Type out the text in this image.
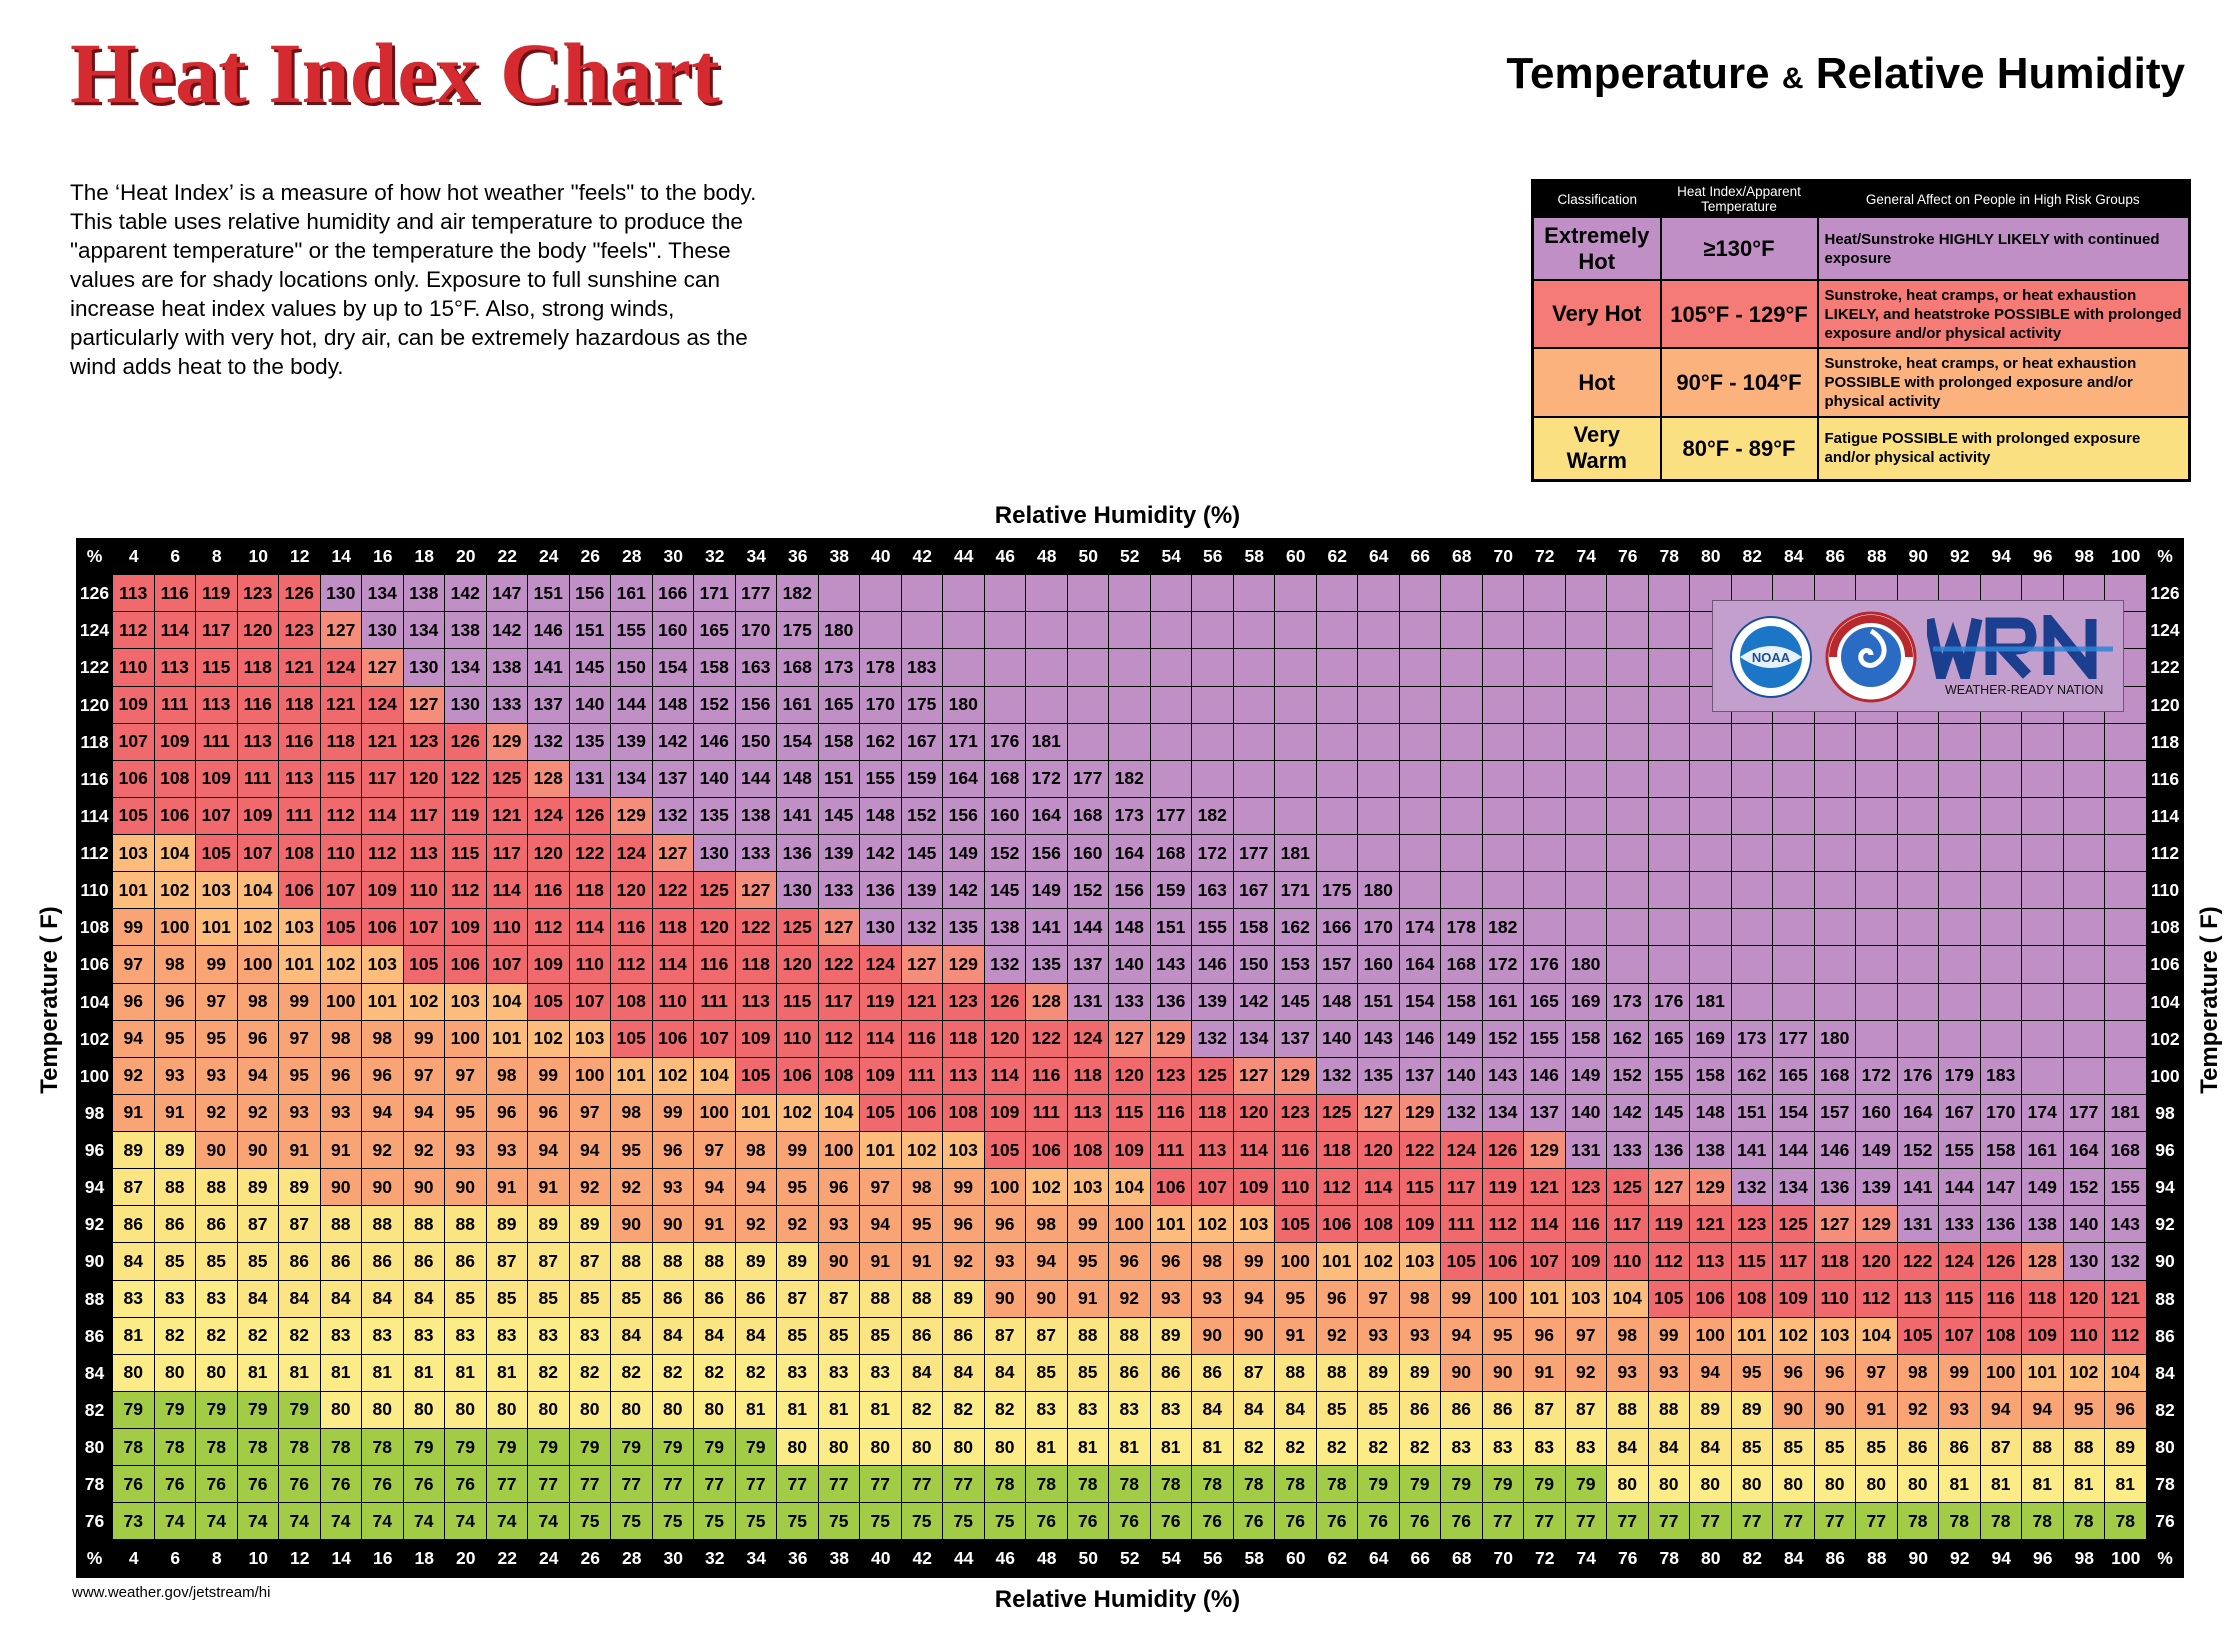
Heat Index Chart	Temperature & Relative Humidity

The ‘Heat Index’ is a measure of how hot weather "feels" to the body.
This table uses relative humidity and air temperature to produce the
"apparent temperature" or the temperature the body "feels". These
values are for shady locations only. Exposure to full sunshine can
increase heat index values by up to 15°F. Also, strong winds,
particularly with very hot, dry air, can be extremely hazardous as the
wind adds heat to the body.

Classification	Heat Index/Apparent Temperature	General Affect on People in High Risk Groups
Extremely
Hot	≥130°F	Heat/Sunstroke HIGHLY LIKELY with continued exposure
Very Hot	105°F - 129°F	Sunstroke, heat cramps, or heat exhaustion LIKELY, and heatstroke POSSIBLE with prolonged exposure and/or physical activity
Hot	90°F - 104°F	Sunstroke, heat cramps, or heat exhaustion POSSIBLE with prolonged exposure and/or physical activity
Very
Warm	80°F - 89°F	Fatigue POSSIBLE with prolonged exposure and/or physical activity
Relative Humidity (%)
Relative Humidity (%)
Temperature ( F)	Temperature ( F)
%	4	6	8	10	12	14	16	18	20	22	24	26	28	30	32	34	36	38	40	42	44	46	48	50	52	54	56	58	60	62	64	66	68	70	72	74	76	78	80	82	84	86	88	90	92	94	96	98 100 %
126 113 116 119 123 126 130 134 138 142 147 151 156 161 166 171 177 182	126
124 112 114 117 120 123 127 130 134 138 142 146 151 155 160 165 170 175 180	124
122 110 113 115 118 121 124 127 130 134 138 141 145 150 154 158 163 168 173 178 183	122
120 109 111 113 116 118 121 124 127 130 133 137 140 144 148 152 156 161 165 170 175 180	120
118 107 109 111 113 116 118 121 123 126 129 132 135 139 142 146 150 154 158 162 167 171 176 181	118
116 106 108 109 111 113 115 117 120 122 125 128 131 134 137 140 144 148 151 155 159 164 168 172 177 182	116
114 105 106 107 109 111 112 114 117 119 121 124 126 129 132 135 138 141 145 148 152 156 160 164 168 173 177 182	114
112 103 104 105 107 108 110 112 113 115 117 120 122 124 127 130 133 136 139 142 145 149 152 156 160 164 168 172 177 181	112
110 101 102 103 104 106 107 109 110 112 114 116 118 120 122 125 127 130 133 136 139 142 145 149 152 156 159 163 167 171 175 180	110
108 99 100 101 102 103 105 106 107 109 110 112 114 116 118 120 122 125 127 130 132 135 138 141 144 148 151 155 158 162 166 170 174 178 182	108
106 97	98	99 100 101 102 103 105 106 107 109 110 112 114 116 118 120 122 124 127 129 132 135 137 140 143 146 150 153 157 160 164 168 172 176 180	106
104 96	96	97	98	99 100 101 102 103 104 105 107 108 110 111 113 115 117 119 121 123 126 128 131 133 136 139 142 145 148 151 154 158 161 165 169 173 176 181	104
102 94	95	95	96	97	98	98	99 100 101 102 103 105 106 107 109 110 112 114 116 118 120 122 124 127 129 132 134 137 140 143 146 149 152 155 158 162 165 169 173 177 180	102
100 92	93	93	94	95	96	96	97	97	98	99 100 101 102 104 105 106 108 109 111 113 114 116 118 120 123 125 127 129 132 135 137 140 143 146 149 152 155 158 162 165 168 172 176 179 183	100
98	91	91	92	92	93	93	94	94	95	96	96	97	98	99 100 101 102 104 105 106 108 109 111 113 115 116 118 120 123 125 127 129 132 134 137 140 142 145 148 151 154 157 160 164 167 170 174 177 181 98
96	89	89	90	90	91	91	92	92	93	93	94	94	95	96	97	98	99 100 101 102 103 105 106 108 109 111 113 114 116 118 120 122 124 126 129 131 133 136 138 141 144 146 149 152 155 158 161 164 168 96
94	87	88	88	89	89	90	90	90	90	91	91	92	92	93	94	94	95	96	97	98	99 100 102 103 104 106 107 109 110 112 114 115 117 119 121 123 125 127 129 132 134 136 139 141 144 147 149 152 155 94
92	86	86	86	87	87	88	88	88	88	89	89	89	90	90	91	92	92	93	94	95	96	96	98	99 100 101 102 103 105 106 108 109 111 112 114 116 117 119 121 123 125 127 129 131 133 136 138 140 143 92
90	84	85	85	85	86	86	86	86	86	87	87	87	88	88	88	89	89	90	91	91	92	93	94	95	96	96	98	99 100 101 102 103 105 106 107 109 110 112 113 115 117 118 120 122 124 126 128 130 132 90
88	83	83	83	84	84	84	84	84	85	85	85	85	85	86	86	86	87	87	88	88	89	90	90	91	92	93	93	94	95	96	97	98	99 100 101 103 104 105 106 108 109 110 112 113 115 116 118 120 121 88
86	81	82	82	82	82	83	83	83	83	83	83	83	84	84	84	84	85	85	85	86	86	87	87	88	88	89	90	90	91	92	93	93	94	95	96	97	98	99 100 101 102 103 104 105 107 108 109 110 112 86
84	80	80	80	81	81	81	81	81	81	81	82	82	82	82	82	82	83	83	83	84	84	84	85	85	86	86	86	87	88	88	89	89	90	90	91	92	93	93	94	95	96	96	97	98	99 100 101 102 104 84
82	79	79	79	79	79	80	80	80	80	80	80	80	80	80	80	81	81	81	81	82	82	82	83	83	83	83	84	84	84	85	85	86	86	86	87	87	88	88	89	89	90	90	91	92	93	94	94	95	96	82
80	78	78	78	78	78	78	78	79	79	79	79	79	79	79	79	79	80	80	80	80	80	80	81	81	81	81	81	82	82	82	82	82	83	83	83	83	84	84	84	85	85	85	85	86	86	87	88	88	89	80
78	76	76	76	76	76	76	76	76	76	77	77	77	77	77	77	77	77	77	77	77	77	78	78	78	78	78	78	78	78	78	79	79	79	79	79	79	80	80	80	80	80	80	80	80	81	81	81	81	81	78
76	73	74	74	74	74	74	74	74	74	74	74	75	75	75	75	75	75	75	75	75	75	75	76	76	76	76	76	76	76	76	76	76	76	77	77	77	77	77	77	77	77	77	77	78	78	78	78	78	78	76
%	4	6	8	10	12	14	16	18	20	22	24	26	28	30	32	34	36	38	40	42	44	46	48	50	52	54	56	58	60	62	64	66	68	70	72	74	76	78	80	82	84	86	88	90	92	94	96	98 100 %
NOAA
WEATHER-READY NATION
www.weather.gov/jetstream/hi
